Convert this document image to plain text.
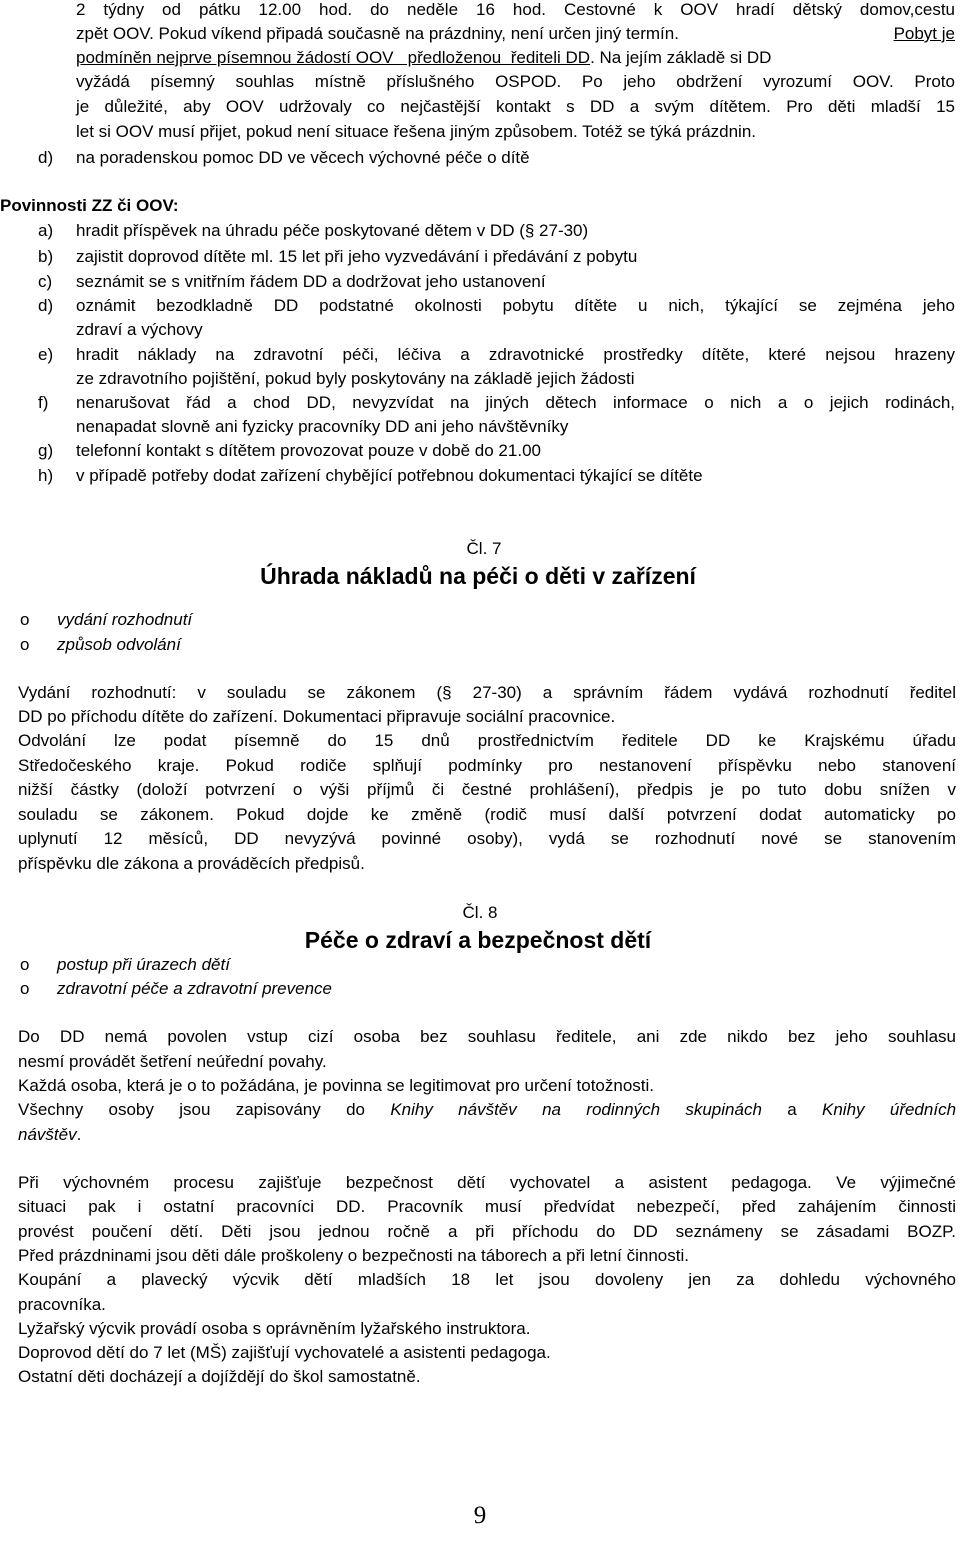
2 týdny od pátku 12.00 hod. do neděle 16 hod. Cestovné k OOV hradí dětský domov,cestu
zpět OOV. Pokud víkend připadá současně na prázdniny, není určen jiný termín.	Pobyt je
podmíněn nejprve písemnou žádostí OOV   předloženou  řediteli DD. Na jejím základě si DD
vyžádá písemný souhlas místně příslušného OSPOD. Po jeho obdržení vyrozumí OOV. Proto
je důležité, aby OOV udržovaly co nejčastější kontakt s DD a svým dítětem. Pro děti mladší 15
let si OOV musí přijet, pokud není situace řešena jiným způsobem. Totéž se týká prázdnin.
d) na poradenskou pomoc DD ve věcech výchovné péče o dítě
Povinnosti ZZ či OOV:
a) hradit příspěvek na úhradu péče poskytované dětem v DD (§ 27-30)
b) zajistit doprovod dítěte ml. 15 let při jeho vyzvedávání i předávání z pobytu
c) seznámit se s vnitřním řádem DD a dodržovat jeho ustanovení
d) oznámit bezodkladně DD podstatné okolnosti pobytu dítěte u nich, týkající se zejména jeho
zdraví a výchovy
e) hradit náklady na zdravotní péči, léčiva a zdravotnické prostředky dítěte, které nejsou hrazeny
ze zdravotního pojištění, pokud byly poskytovány na základě jejich žádosti
f) nenarušovat řád a chod DD, nevyzvídat na jiných dětech informace o nich a o jejich rodinách,
nenapadat slovně ani fyzicky pracovníky DD ani jeho návštěvníky
g) telefonní kontakt s dítětem provozovat pouze v době do 21.00
h) v případě potřeby dodat zařízení chybějící potřebnou dokumentaci týkající se dítěte
Čl. 7
Úhrada nákladů na péči o děti v zařízení
o vydání rozhodnutí
o způsob odvolání
Vydání rozhodnutí: v souladu se zákonem (§ 27-30) a správním řádem vydává rozhodnutí ředitel
DD po příchodu dítěte do zařízení. Dokumentaci připravuje sociální pracovnice.
Odvolání lze podat písemně do 15 dnů prostřednictvím ředitele DD ke Krajskému úřadu
Středočeského kraje. Pokud rodiče splňují podmínky pro nestanovení příspěvku nebo stanovení
nižší částky (doloží potvrzení o výši příjmů či čestné prohlášení), předpis je po tuto dobu snížen v
souladu se zákonem. Pokud dojde ke změně (rodič musí další potvrzení dodat automaticky po
uplynutí 12 měsíců, DD nevyzývá povinné osoby), vydá se rozhodnutí nové se stanovením
příspěvku dle zákona a prováděcích předpisů.
Čl. 8
Péče o zdraví a bezpečnost dětí
o postup při úrazech dětí
o zdravotní péče a zdravotní prevence
Do DD nemá povolen vstup cizí osoba bez souhlasu ředitele, ani zde nikdo bez jeho souhlasu
nesmí provádět šetření neúřední povahy.
Každá osoba, která je o to požádána, je povinna se legitimovat pro určení totožnosti.
Všechny osoby jsou zapisovány do Knihy návštěv na rodinných skupinách a Knihy úředních
návštěv.
Při výchovném procesu zajišťuje bezpečnost dětí vychovatel a asistent pedagoga. Ve výjimečné
situaci pak i ostatní pracovníci DD. Pracovník musí předvídat nebezpečí, před zahájením činnosti
provést poučení dětí. Děti jsou jednou ročně a při příchodu do DD seznámeny se zásadami BOZP.
Před prázdninami jsou děti dále proškoleny o bezpečnosti na táborech a při letní činnosti.
Koupání a plavecký výcvik dětí mladších 18 let jsou dovoleny jen za dohledu výchovného
pracovníka.
Lyžařský výcvik provádí osoba s oprávněním lyžařského instruktora.
Doprovod dětí do 7 let (MŠ) zajišťují vychovatelé a asistenti pedagoga.
Ostatní děti docházejí a dojíždějí do škol samostatně.
9
